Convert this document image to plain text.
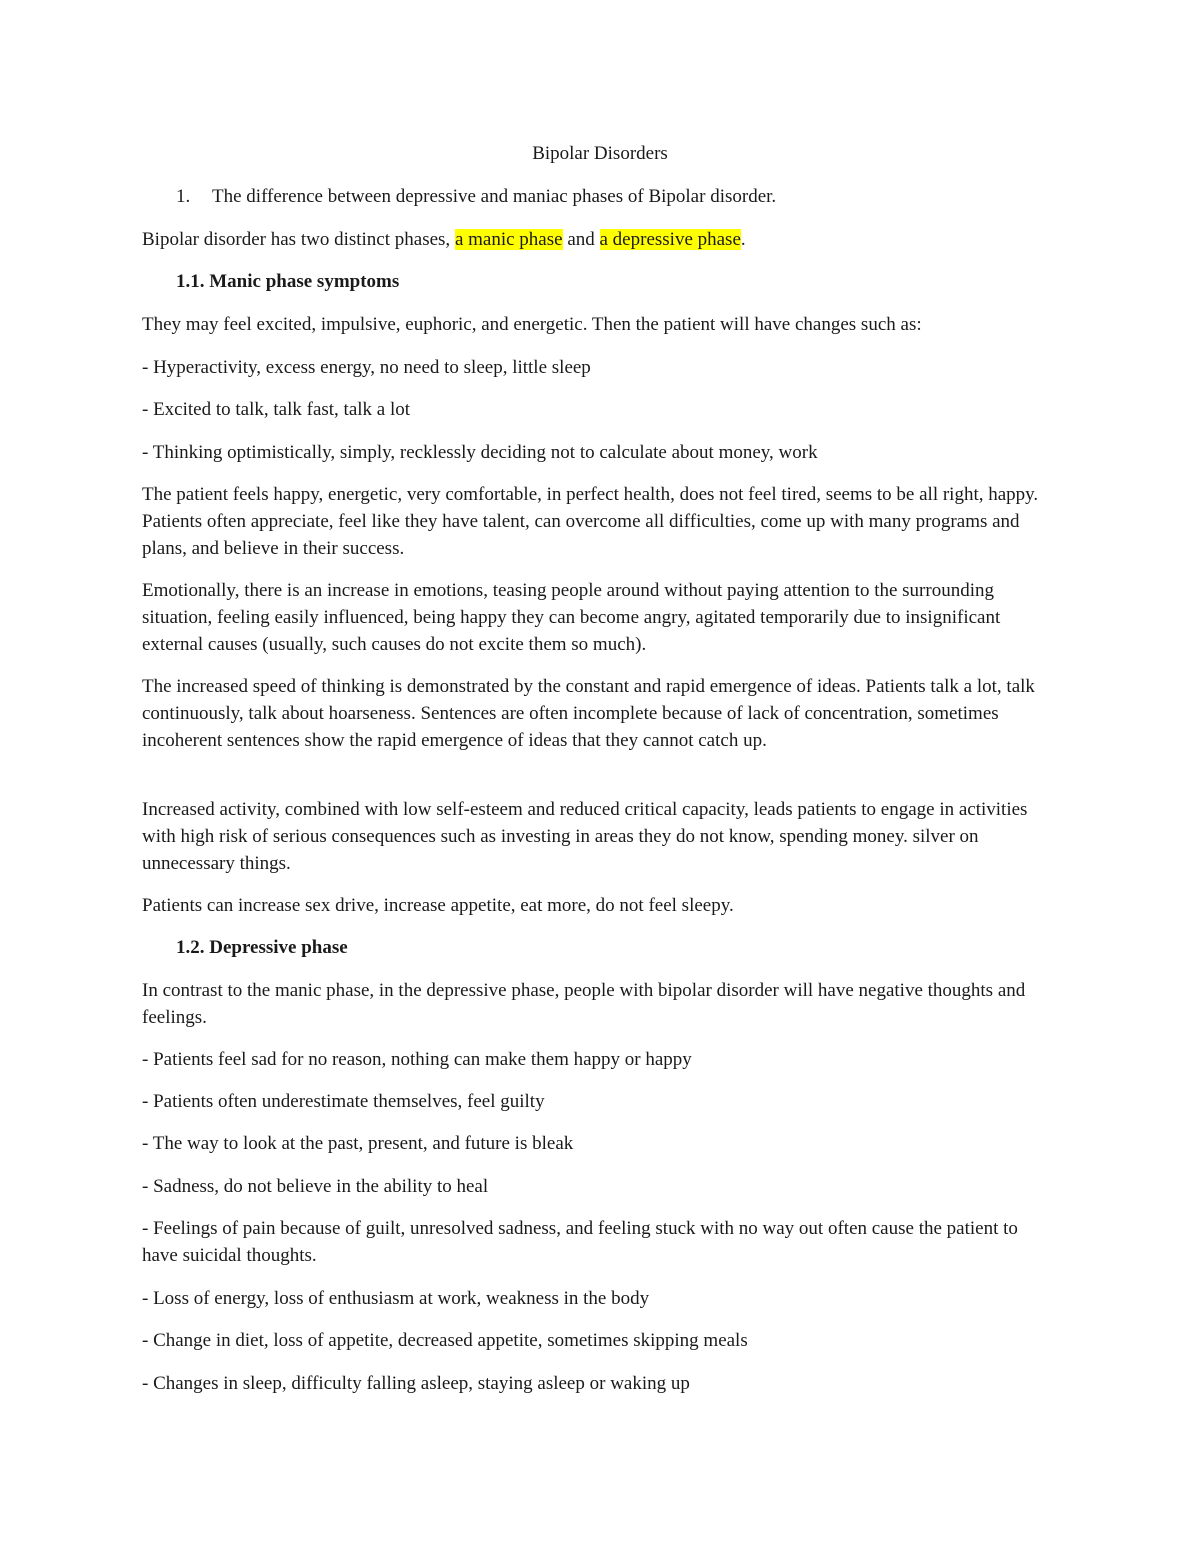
Bipolar Disorders

1. The difference between depressive and maniac phases of Bipolar disorder.

Bipolar disorder has two distinct phases, a manic phase and a depressive phase.

1.1. Manic phase symptoms

They may feel excited, impulsive, euphoric, and energetic. Then the patient will have changes such as:

- Hyperactivity, excess energy, no need to sleep, little sleep

- Excited to talk, talk fast, talk a lot

- Thinking optimistically, simply, recklessly deciding not to calculate about money, work

The patient feels happy, energetic, very comfortable, in perfect health, does not feel tired, seems to be all right, happy. Patients often appreciate, feel like they have talent, can overcome all difficulties, come up with many programs and plans, and believe in their success.

Emotionally, there is an increase in emotions, teasing people around without paying attention to the surrounding situation, feeling easily influenced, being happy they can become angry, agitated temporarily due to insignificant external causes (usually, such causes do not excite them so much).

The increased speed of thinking is demonstrated by the constant and rapid emergence of ideas. Patients talk a lot, talk continuously, talk about hoarseness. Sentences are often incomplete because of lack of concentration, sometimes incoherent sentences show the rapid emergence of ideas that they cannot catch up.

Increased activity, combined with low self-esteem and reduced critical capacity, leads patients to engage in activities with high risk of serious consequences such as investing in areas they do not know, spending money. silver on unnecessary things.

Patients can increase sex drive, increase appetite, eat more, do not feel sleepy.

1.2. Depressive phase

In contrast to the manic phase, in the depressive phase, people with bipolar disorder will have negative thoughts and feelings.

- Patients feel sad for no reason, nothing can make them happy or happy

- Patients often underestimate themselves, feel guilty

- The way to look at the past, present, and future is bleak

- Sadness, do not believe in the ability to heal

- Feelings of pain because of guilt, unresolved sadness, and feeling stuck with no way out often cause the patient to have suicidal thoughts.

- Loss of energy, loss of enthusiasm at work, weakness in the body

- Change in diet, loss of appetite, decreased appetite, sometimes skipping meals

- Changes in sleep, difficulty falling asleep, staying asleep or waking up
